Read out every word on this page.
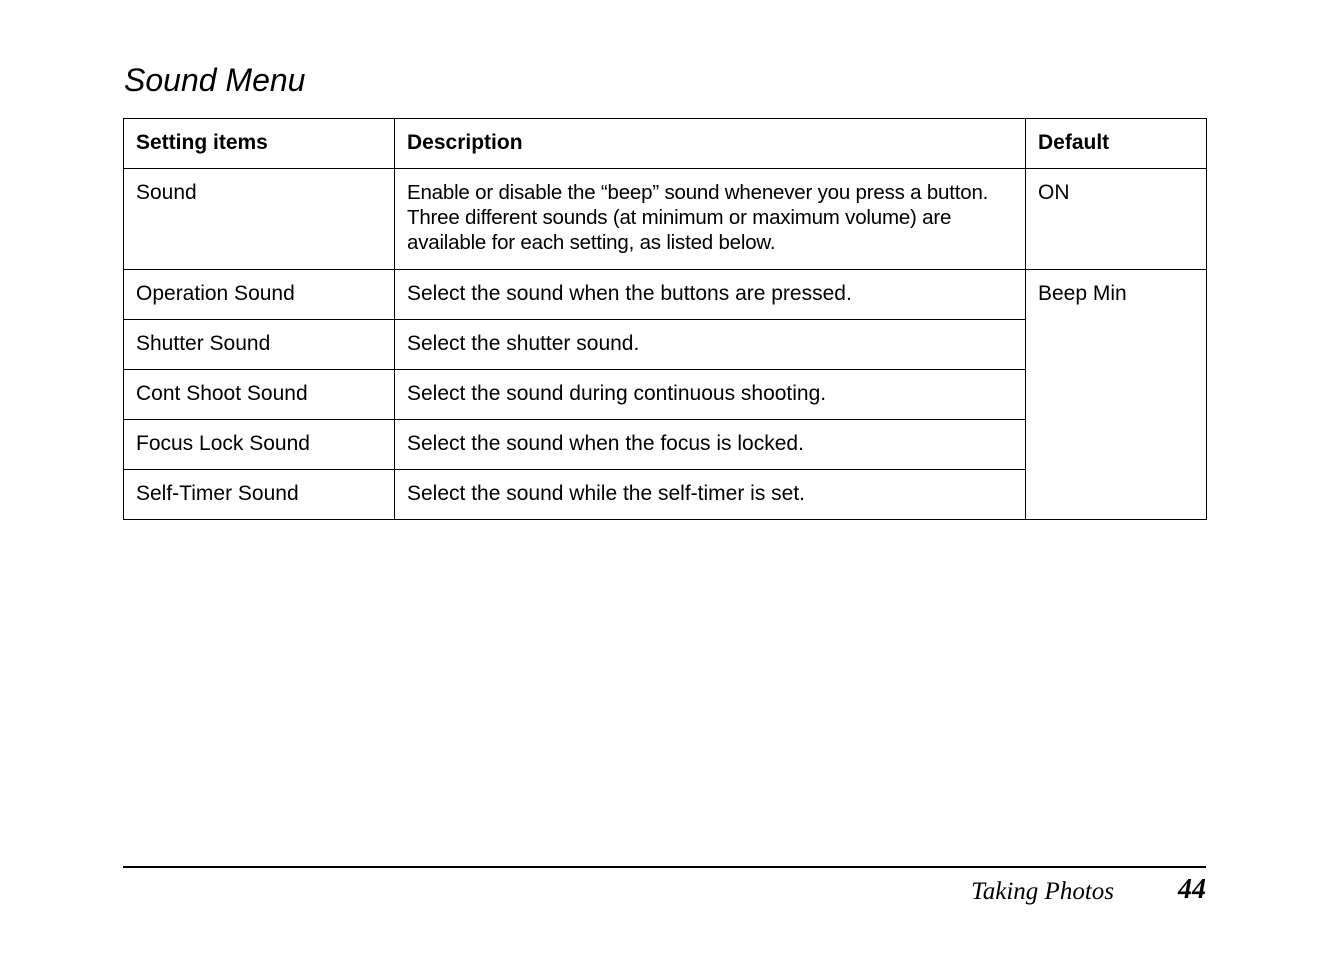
Sound Menu
Setting items	Description	Default
Sound	Enable or disable the “beep” sound whenever you press a button. Three different sounds (at minimum or maximum volume) are available for each setting, as listed below.	ON
Operation Sound	Select the sound when the buttons are pressed.	Beep Min
Shutter Sound	Select the shutter sound.	
Cont Shoot Sound	Select the sound during continuous shooting.	
Focus Lock Sound	Select the sound when the focus is locked.	
Self-Timer Sound	Select the sound while the self-timer is set.	
Taking Photos 44
